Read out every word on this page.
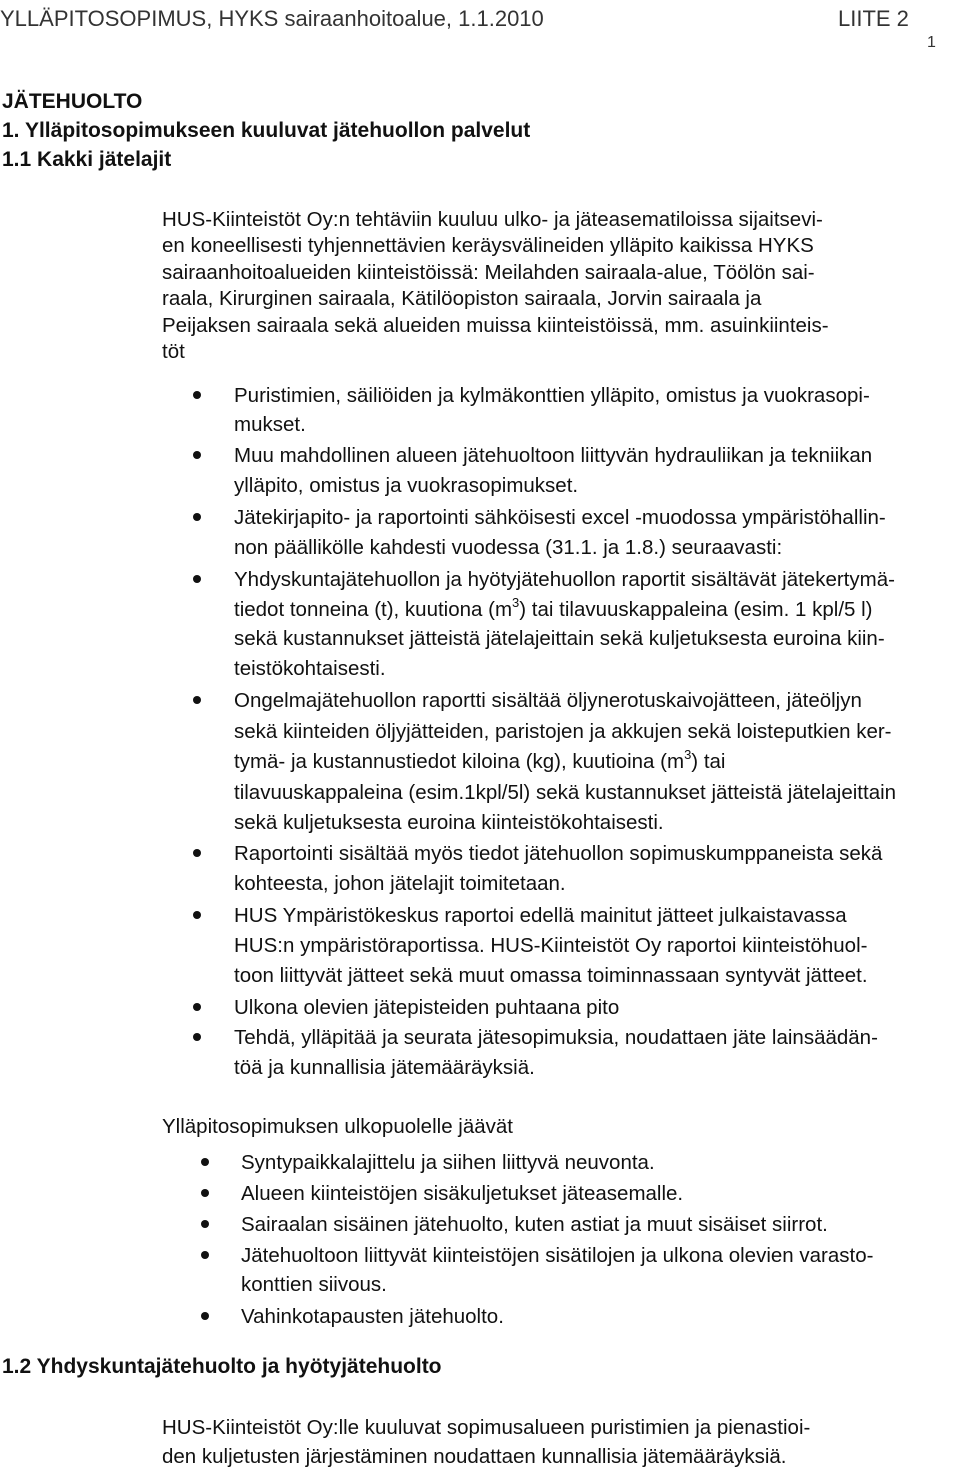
YLLÄPITOSOPIMUS, HYKS sairaanhoitoalue, 1.1.2010	LIITE 2
1
JÄTEHUOLTO
1. Ylläpitosopimukseen kuuluvat jätehuollon palvelut
1.1 Kakki jätelajit
HUS-Kiinteistöt Oy:n tehtäviin kuuluu ulko- ja jäteasematiloissa sijaitsevi-
en koneellisesti tyhjennettävien keräysvälineiden ylläpito kaikissa HYKS
sairaanhoitoalueiden kiinteistöissä: Meilahden sairaala-alue, Töölön sai-
raala, Kirurginen sairaala, Kätilöopiston sairaala, Jorvin sairaala ja
Peijaksen sairaala sekä alueiden muissa kiinteistöissä, mm. asuinkiinteis-
töt
Puristimien, säiliöiden ja kylmäkonttien ylläpito, omistus ja vuokrasopi-
mukset.
Muu mahdollinen alueen jätehuoltoon liittyvän hydrauliikan ja tekniikan
ylläpito, omistus ja vuokrasopimukset.
Jätekirjapito- ja raportointi sähköisesti excel -muodossa ympäristöhallin-
non päällikölle kahdesti vuodessa (31.1. ja 1.8.) seuraavasti:
Yhdyskuntajätehuollon ja hyötyjätehuollon raportit sisältävät jätekertymä-
tiedot tonneina (t), kuutiona $(m^3)$ tai tilavuuskappaleina (esim. 1 kpl/5 l)
sekä kustannukset jätteistä jätelajeittain sekä kuljetuksesta euroina kiin-
teistökohtaisesti.
Ongelmajätehuollon raportti sisältää öljynerotuskaivojätteen, jäteöljyn
sekä kiinteiden öljyjätteiden, paristojen ja akkujen sekä loisteputkien ker-
tymä- ja kustannustiedot kiloina (kg), kuutioina $(m^3)$ tai
tilavuuskappaleina (esim.1kpl/5l) sekä kustannukset jätteistä jätelajeittain
sekä kuljetuksesta euroina kiinteistökohtaisesti.
Raportointi sisältää myös tiedot jätehuollon sopimuskumppaneista sekä
kohteesta, johon jätelajit toimitetaan.
HUS Ympäristökeskus raportoi edellä mainitut jätteet julkaistavassa
HUS:n ympäristöraportissa. HUS-Kiinteistöt Oy raportoi kiinteistöhuol-
toon liittyvät jätteet sekä muut omassa toiminnassaan syntyvät jätteet.
Ulkona olevien jätepisteiden puhtaana pito
Tehdä, ylläpitää ja seurata jätesopimuksia, noudattaen jäte lainsäädän-
töä ja kunnallisia jätemääräyksiä.
Ylläpitosopimuksen ulkopuolelle jäävät
Syntypaikkalajittelu ja siihen liittyvä neuvonta.
Alueen kiinteistöjen sisäkuljetukset jäteasemalle.
Sairaalan sisäinen jätehuolto, kuten astiat ja muut sisäiset siirrot.
Jätehuoltoon liittyvät kiinteistöjen sisätilojen ja ulkona olevien varasto-
konttien siivous.
Vahinkotapausten jätehuolto.
1.2 Yhdyskuntajätehuolto ja hyötyjätehuolto
HUS-Kiinteistöt Oy:lle kuuluvat sopimusalueen puristimien ja pienastioi-
den kuljetusten järjestäminen noudattaen kunnallisia jätemääräyksiä.
